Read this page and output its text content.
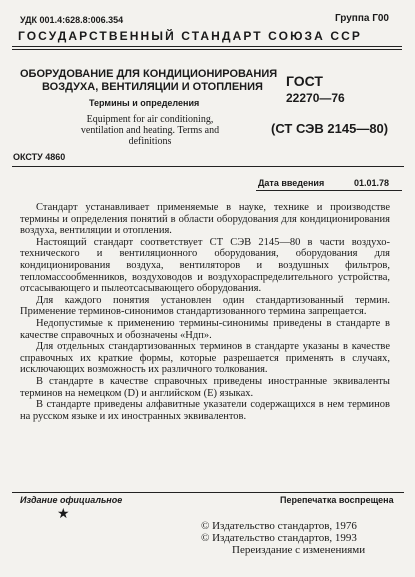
УДК 001.4:628.8:006.354	Группа Г00
ГОСУДАРСТВЕННЫЙ СТАНДАРТ СОЮЗА ССР
ОБОРУДОВАНИЕ ДЛЯ КОНДИЦИОНИРОВАНИЯ
ВОЗДУХА, ВЕНТИЛЯЦИИ И ОТОПЛЕНИЯ
Термины и определения
Equipment for air conditioning, ventilation and heating. Terms and definitions
ГОСТ
22270—76
(СТ СЭВ 2145—80)
ОКСТУ 4860
Дата введения	01.01.78

Стандарт устанавливает применяемые в науке, технике и производстве термины и определения понятий в области оборудования для кондиционирования воздуха, вентиляции и отопления.

Настоящий стандарт соответствует СТ СЭВ 2145—80 в части воздухо-технического и вентиляционного оборудования, оборудования для кондиционирования воздуха, вентиляторов и воздушных фильтров, тепломассообменников, воздуховодов и воздухораспределительного устройства, отсасывающего и пылеотсасывающего оборудования.

Для каждого понятия установлен один стандартизованный термин. Применение терминов-синонимов стандартизованного термина запрещается.

Недопустимые к применению термины-синонимы приведены в стандарте в качестве справочных и обозначены «Ндп».

Для отдельных стандартизованных терминов в стандарте указаны в качестве справочных их краткие формы, которые разрешается применять в случаях, исключающих возможность их различного толкования.

В стандарте в качестве справочных приведены иностранные эквиваленты терминов на немецком (D) и английском (E) языках.

В стандарте приведены алфавитные указатели содержащихся в нем терминов на русском языке и их иностранных эквивалентов.

Издание официальное	Перепечатка воспрещена
★
© Издательство стандартов, 1976
© Издательство стандартов, 1993
Переиздание с изменениями
